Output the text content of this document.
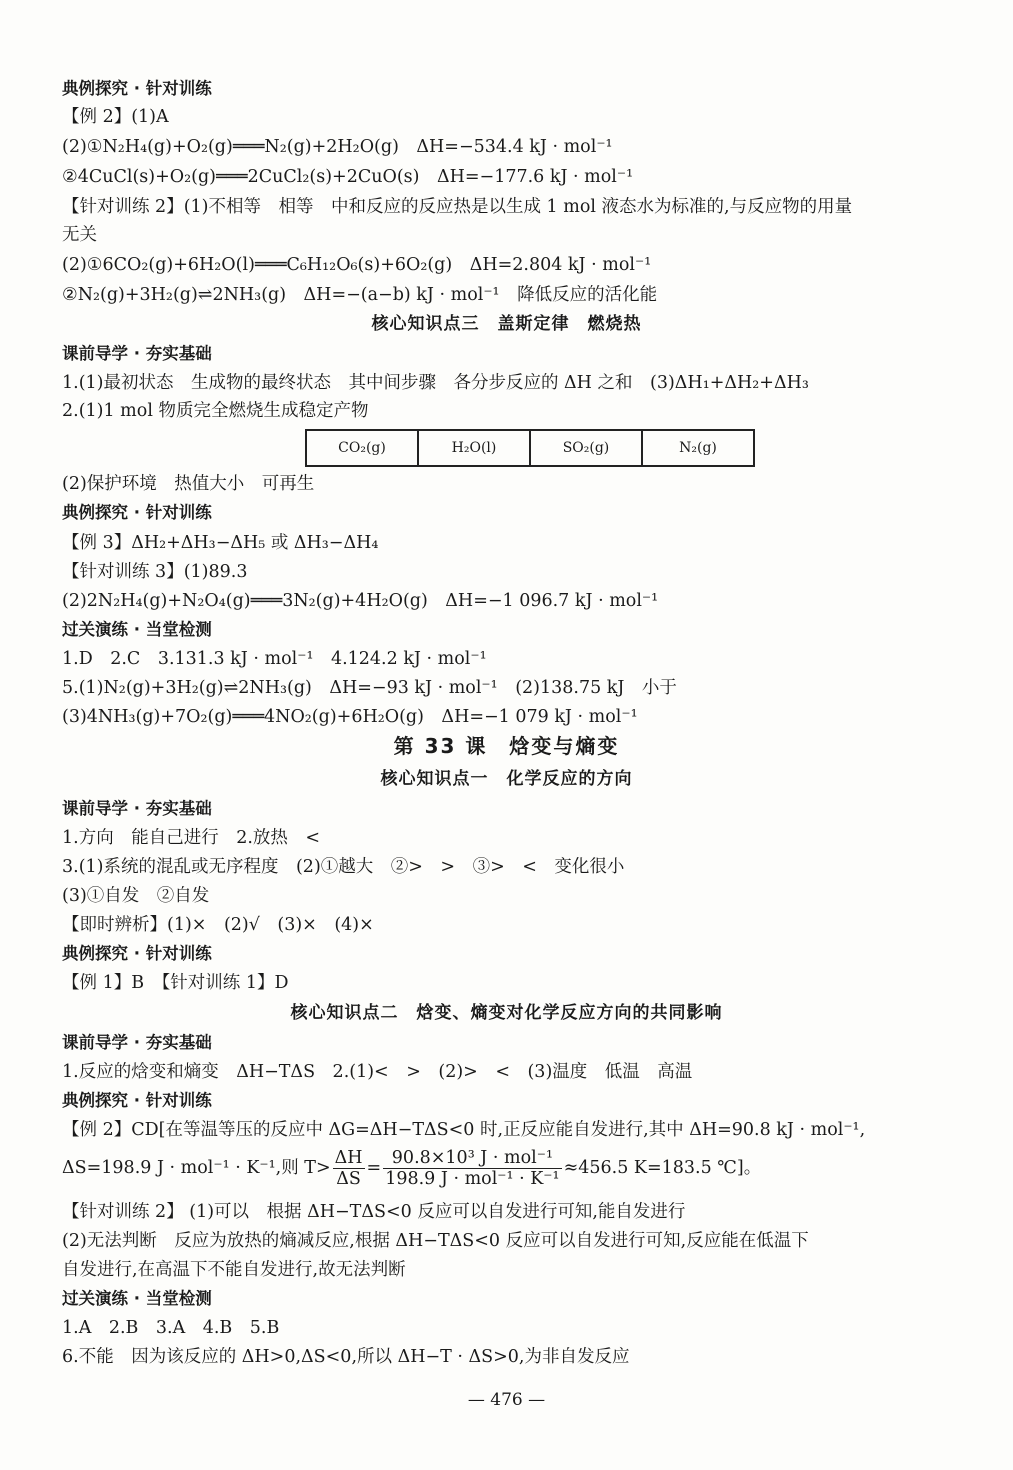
典例探究 · 针对训练
【例 2】(1)A
(2)①N₂H₄(g)+O₂(g)═══N₂(g)+2H₂O(g)　ΔH=−534.4 kJ · mol⁻¹
②4CuCl(s)+O₂(g)═══2CuCl₂(s)+2CuO(s)　ΔH=−177.6 kJ · mol⁻¹
【针对训练 2】(1)不相等　相等　中和反应的反应热是以生成 1 mol 液态水为标准的,与反应物的用量
无关
(2)①6CO₂(g)+6H₂O(l)═══C₆H₁₂O₆(s)+6O₂(g)　ΔH=2.804 kJ · mol⁻¹
②N₂(g)+3H₂(g)⇌2NH₃(g)　ΔH=−(a−b) kJ · mol⁻¹　降低反应的活化能
核心知识点三　盖斯定律　燃烧热
课前导学 · 夯实基础
1.(1)最初状态　生成物的最终状态　其中间步骤　各分步反应的 ΔH 之和　(3)ΔH₁+ΔH₂+ΔH₃
2.(1)1 mol 物质完全燃烧生成稳定产物
CO₂(g)	H₂O(l)	SO₂(g)	N₂(g)
(2)保护环境　热值大小　可再生
典例探究 · 针对训练
【例 3】ΔH₂+ΔH₃−ΔH₅ 或 ΔH₃−ΔH₄
【针对训练 3】(1)89.3
(2)2N₂H₄(g)+N₂O₄(g)═══3N₂(g)+4H₂O(g)　ΔH=−1 096.7 kJ · mol⁻¹
过关演练 · 当堂检测
1.D　2.C　3.131.3 kJ · mol⁻¹　4.124.2 kJ · mol⁻¹
5.(1)N₂(g)+3H₂(g)⇌2NH₃(g)　ΔH=−93 kJ · mol⁻¹　(2)138.75 kJ　小于
(3)4NH₃(g)+7O₂(g)═══4NO₂(g)+6H₂O(g)　ΔH=−1 079 kJ · mol⁻¹
第 33 课　焓变与熵变
核心知识点一　化学反应的方向
课前导学 · 夯实基础
1.方向　能自己进行　2.放热　<
3.(1)系统的混乱或无序程度　(2)①越大　②>　>　③>　<　变化很小
(3)①自发　②自发
【即时辨析】(1)×　(2)√　(3)×　(4)×
典例探究 · 针对训练
【例 1】B　【针对训练 1】D
核心知识点二　焓变、熵变对化学反应方向的共同影响
课前导学 · 夯实基础
1.反应的焓变和熵变　ΔH−TΔS　2.(1)<　>　(2)>　<　(3)温度　低温　高温
典例探究 · 针对训练
【例 2】CD[在等温等压的反应中 ΔG=ΔH−TΔS<0 时,正反应能自发进行,其中 ΔH=90.8 kJ · mol⁻¹,
ΔS=198.9 J · mol⁻¹ · K⁻¹,则 $T> \frac{\Delta H}{\Delta S} = \frac{\text{90.8×10³ J · mol⁻¹}}{\text{198.9 J · mol⁻¹ · K⁻¹}} \approx 456.5$ K=183.5 ℃]。
【针对训练 2】 (1)可以　根据 ΔH−TΔS<0 反应可以自发进行可知,能自发进行
(2)无法判断　反应为放热的熵减反应,根据 ΔH−TΔS<0 反应可以自发进行可知,反应能在低温下
自发进行,在高温下不能自发进行,故无法判断
过关演练 · 当堂检测
1.A　2.B　3.A　4.B　5.B
6.不能　因为该反应的 ΔH>0,ΔS<0,所以 ΔH−T · ΔS>0,为非自发反应
— 476 —
